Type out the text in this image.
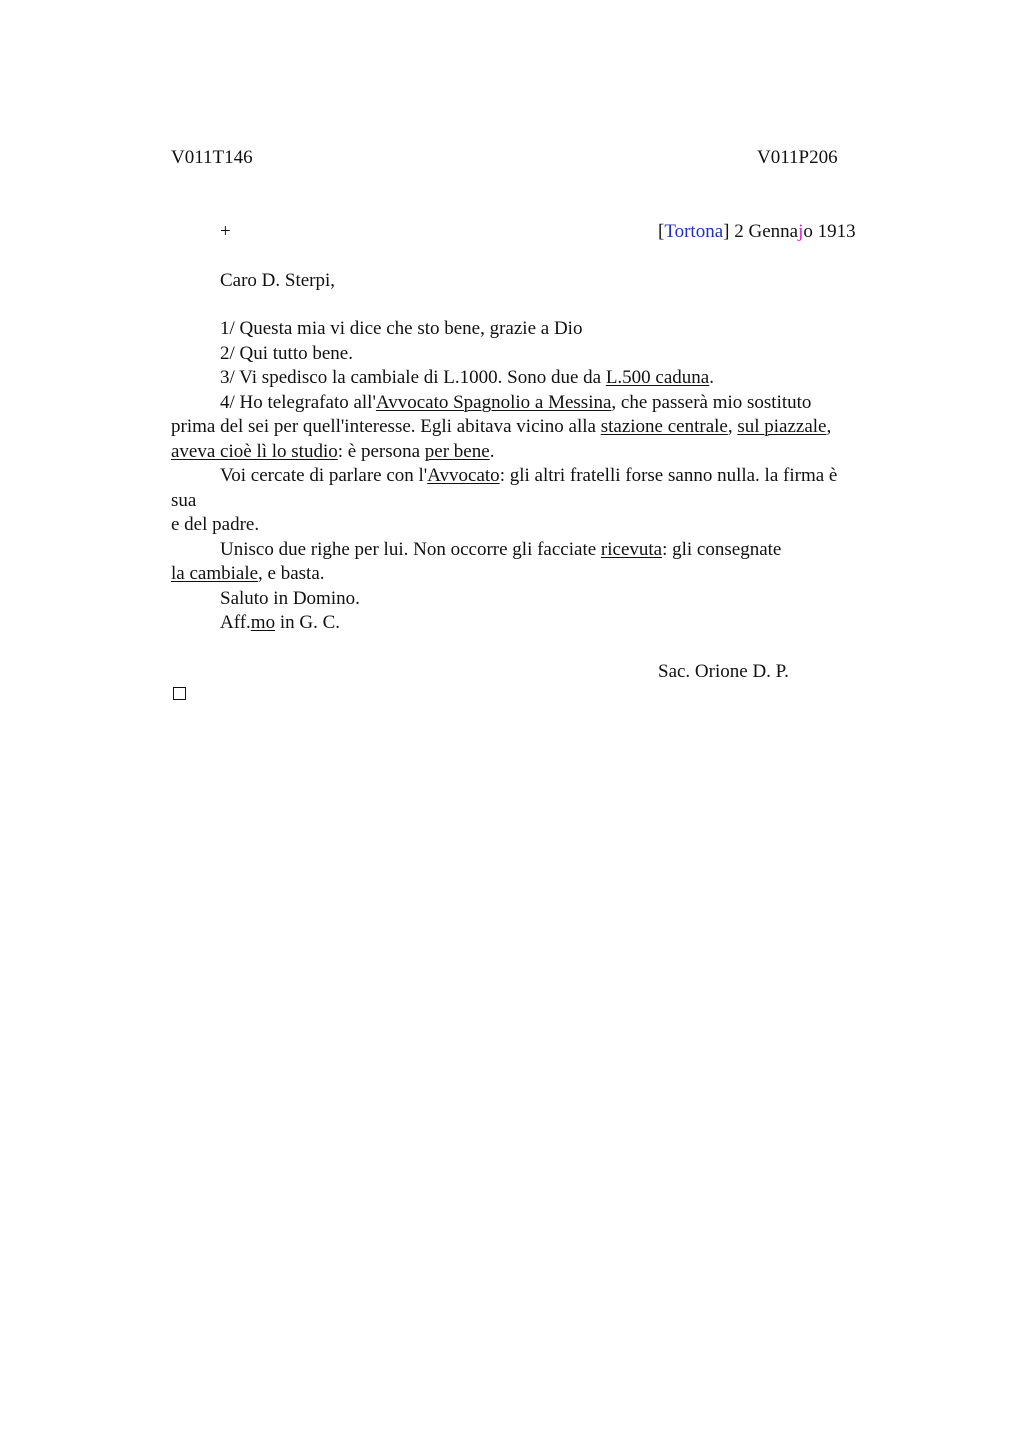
V011T146	V011P206
+	[Tortona] 2 Gennajo 1913
Caro D. Sterpi,
1/ Questa mia vi dice che sto bene, grazie a Dio
2/ Qui tutto bene.
3/ Vi spedisco la cambiale di L.1000. Sono due da L.500 caduna.
4/ Ho telegrafato all'Avvocato Spagnolio a Messina, che passerà mio sostituto
prima del sei per quell'interesse. Egli abitava vicino alla stazione centrale, sul piazzale,
aveva cioè lì lo studio: è persona per bene.
Voi cercate di parlare con l'Avvocato: gli altri fratelli forse sanno nulla. la firma è
sua
e del padre.
Unisco due righe per lui. Non occorre gli facciate ricevuta: gli consegnate
la cambiale, e basta.
Saluto in Domino.
Aff.mo in G. C.
Sac. Orione D. P.
